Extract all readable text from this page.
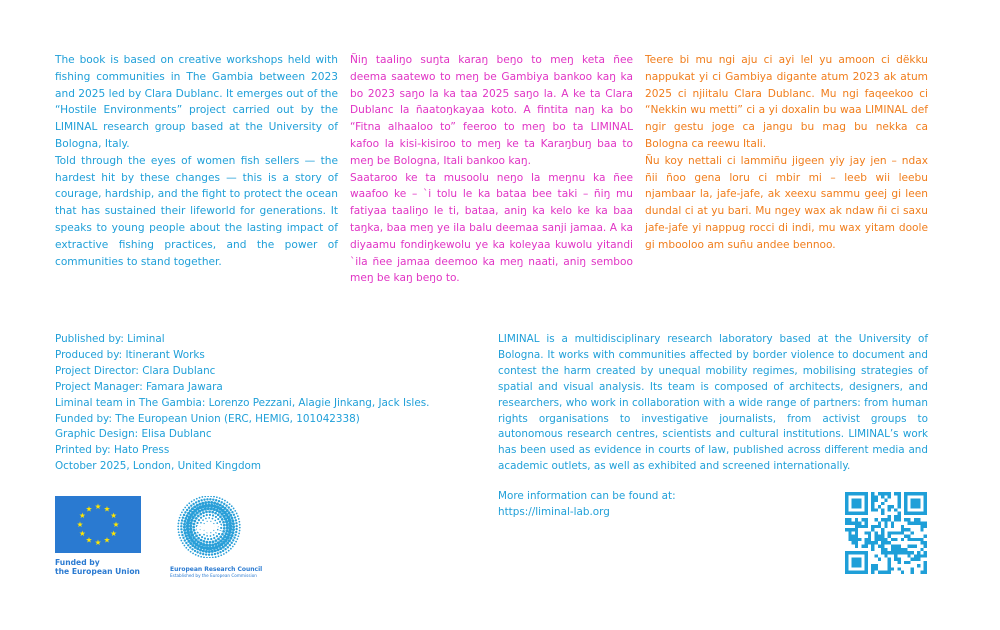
The book is based on creative workshops held with fishing communities in The Gambia between 2023 and 2025 led by Clara Dublanc. It emerges out of the “Hostile Environments” project carried out by the LIMINAL research group based at the University of Bologna, Italy.

Told through the eyes of women fish sellers — the hardest hit by these changes — this is a story of courage, hardship, and the fight to protect the ocean that has sustained their lifeworld for generations. It speaks to young people about the lasting impact of extractive fishing practices, and the power of communities to stand together.

Ñiŋ taaliŋo suŋta karaŋ beŋo to meŋ keta ñee deema saatewo to meŋ be Gambiya bankoo kaŋ ka bo 2023 saŋo la ka taa 2025 saŋo la. A ke ta Clara Dublanc la ñaatoŋkayaa koto. A fintita naŋ ka bo “Fitna alhaaloo to” feeroo to meŋ bo ta LIMINAL kafoo la kisi-kisiroo to meŋ ke ta Karaŋbuŋ baa to meŋ be Bologna, Itali bankoo kaŋ.

Saataroo ke ta musoolu neŋo la meŋnu ka ñee waafoo ke – `i tolu le ka bataa bee taki – ñiŋ mu fatiyaa taaliŋo le ti, bataa, aniŋ ka kelo ke ka baa taŋka, baa meŋ ye ila balu deemaa sanji jamaa. A ka diyaamu fondiŋkewolu ye ka koleyaa kuwolu yitandi `ila ñee jamaa deemoo ka meŋ naati, aniŋ semboo meŋ be kaŋ beŋo to.

Teere bi mu ngi aju ci ayi lel yu amoon ci dëkku nappukat yi ci Gambiya digante atum 2023 ak atum 2025 ci njiitalu Clara Dublanc. Mu ngi faqeekoo ci “Nekkin wu metti” ci a yi doxalin bu waa LIMINAL def ngir gestu joge ca jangu bu mag bu nekka ca Bologna ca reewu Itali.

Ñu koy nettali ci lammiñu jigeen yiy jay jen – ndax ñii ñoo gena loru ci mbir mi – leeb wii leebu njambaar la, jafe-jafe, ak xeexu sammu geej gi leen dundal ci at yu bari. Mu ngey wax ak ndaw ñi ci saxu jafe-jafe yi nappug rocci di indi, mu wax yitam doole gi mboolоо am suñu andee bennoo.

Published by: Liminal
Produced by: Itinerant Works
Project Director: Clara Dublanc
Project Manager: Famara Jawara
Liminal team in The Gambia: Lorenzo Pezzani, Alagie Jinkang, Jack Isles.
Funded by: The European Union (ERC, HEMIG, 101042338)
Graphic Design: Elisa Dublanc
Printed by: Hato Press
October 2025, London, United Kingdom

LIMINAL is a multidisciplinary research laboratory based at the University of Bologna. It works with communities affected by border violence to document and contest the harm created by unequal mobility regimes, mobilising strategies of spatial and visual analysis. Its team is composed of architects, designers, and researchers, who work in collaboration with a wide range of partners: from human rights organisations to investigative journalists, from activist groups to autonomous research centres, scientists and cultural institutions. LIMINAL’s work has been used as evidence in courts of law, published across different media and academic outlets, as well as exhibited and screened internationally.

More information can be found at:
https://liminal-lab.org
★ ★
★
★
★
★
★
★
★
★
★
★
Funded by
the European Union
erc
European Research Council
Established by the European Commission
